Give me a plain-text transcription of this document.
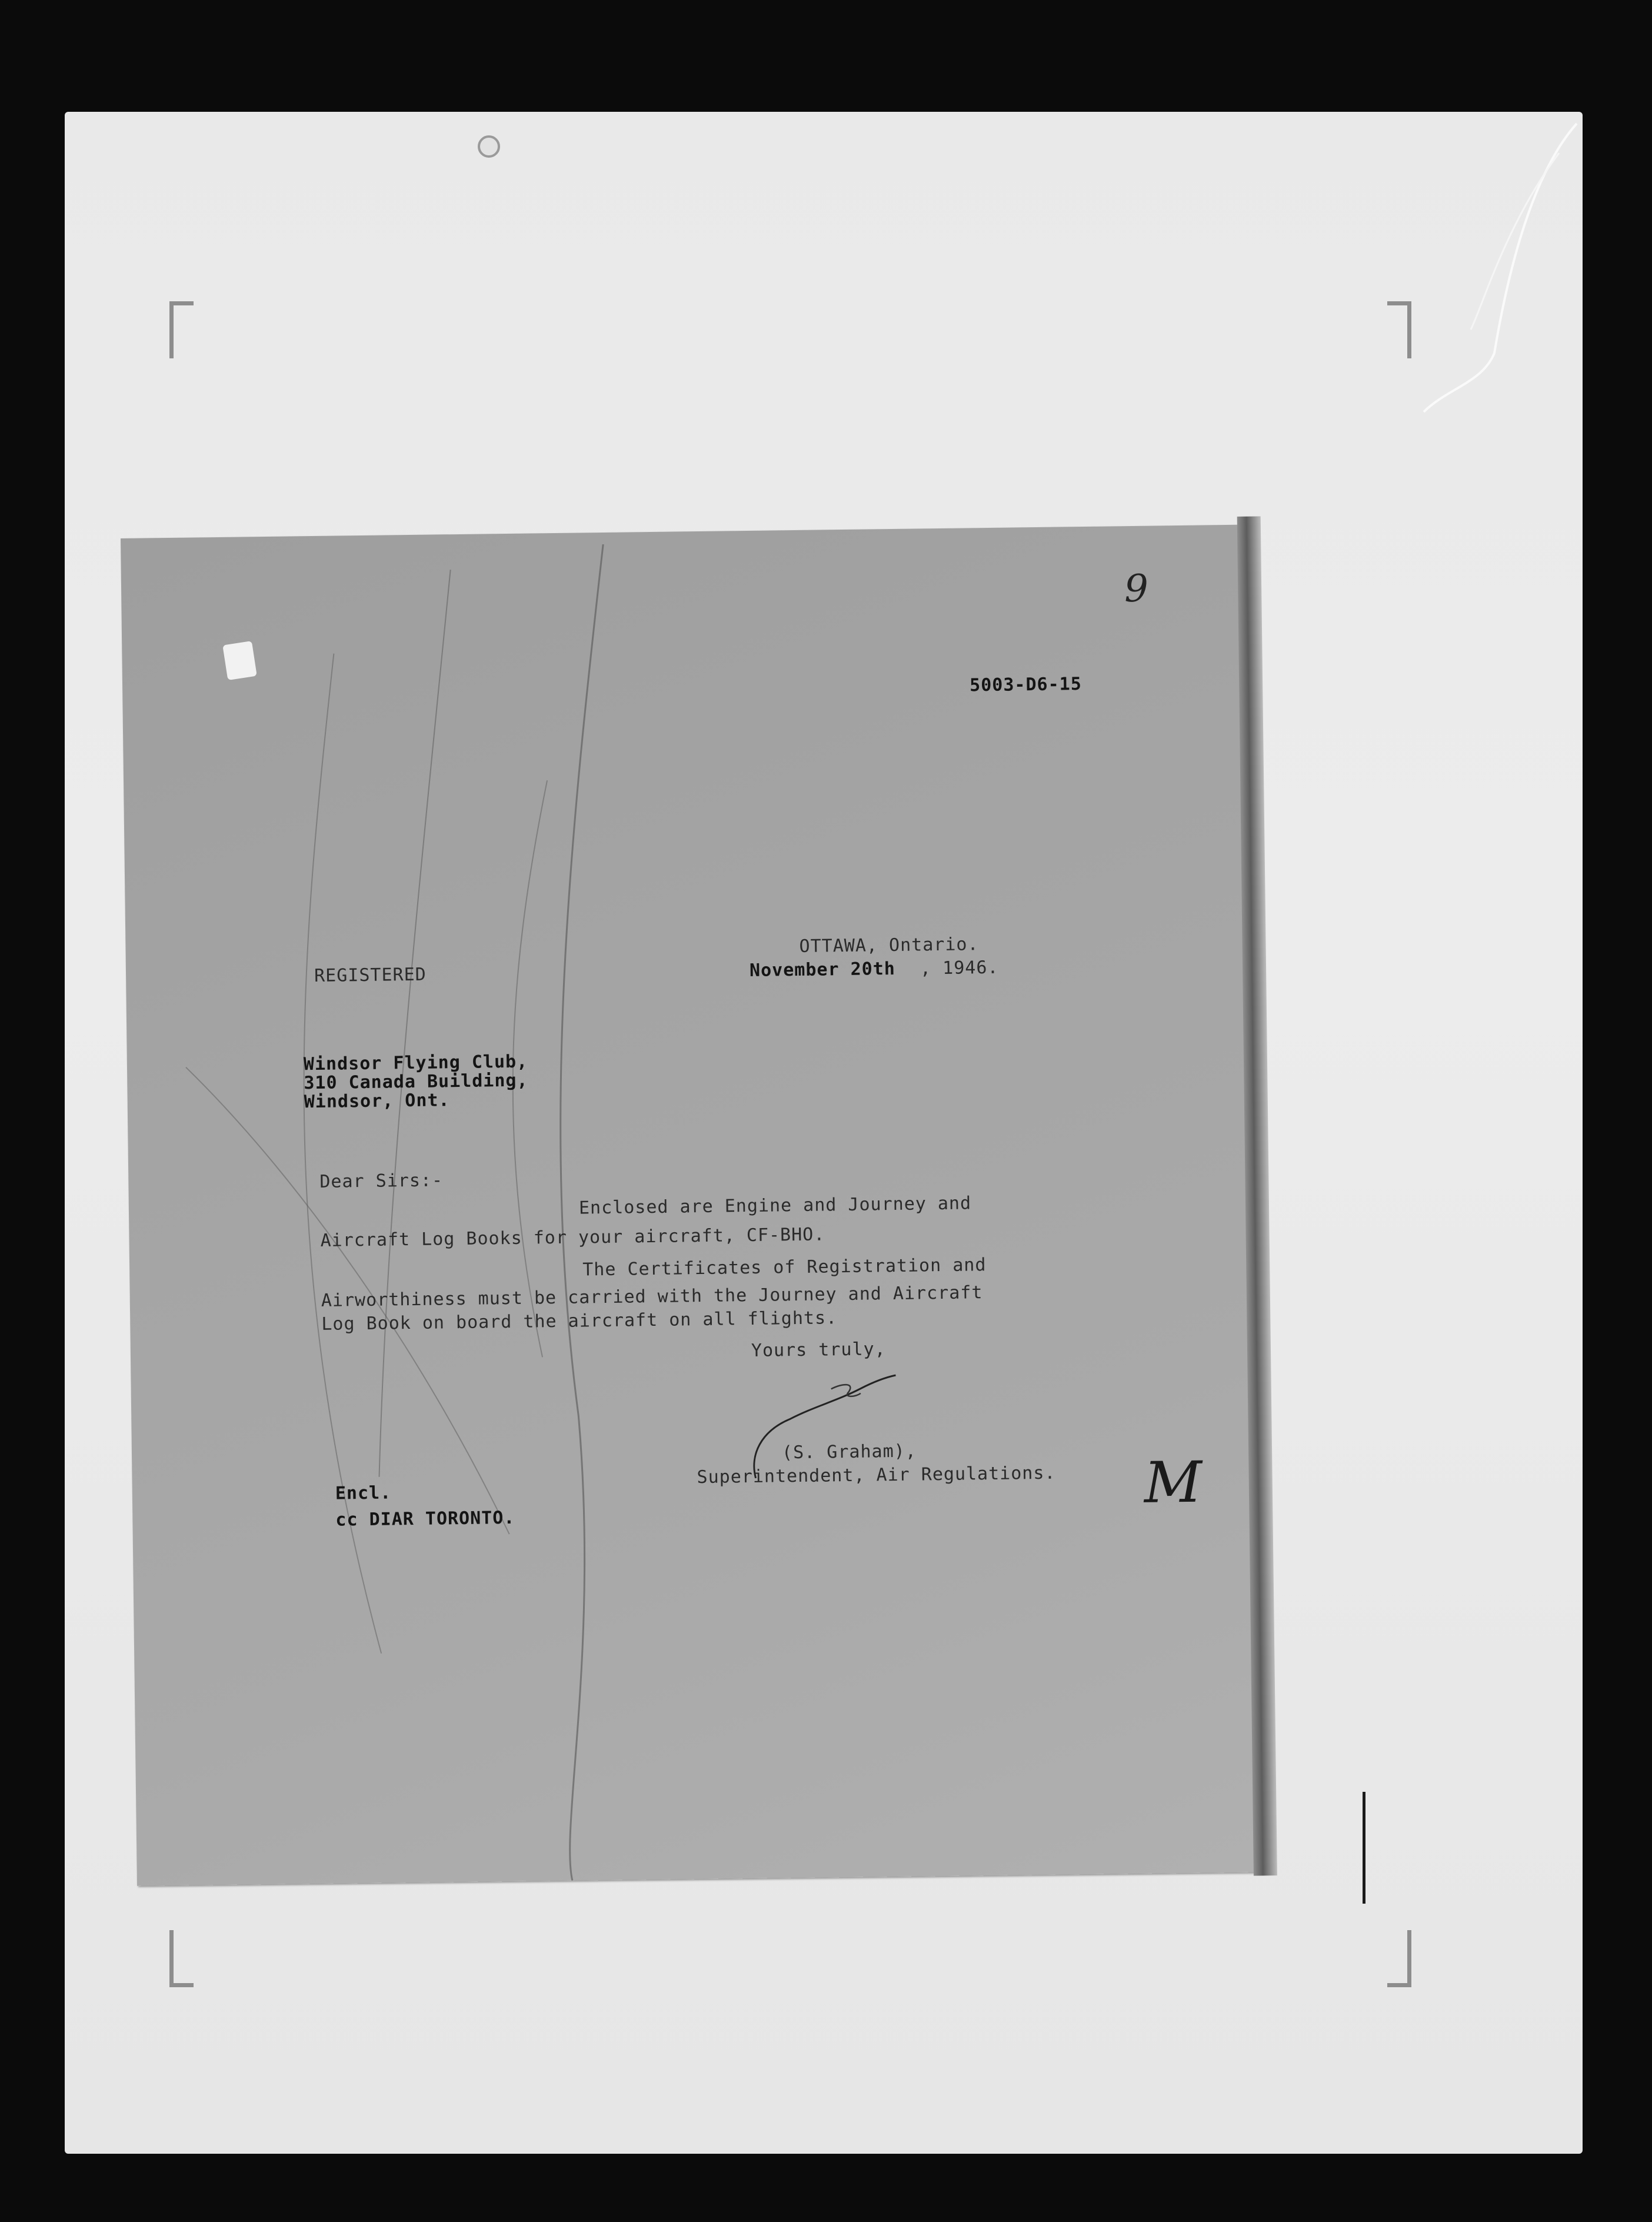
9
5003-D6-15
REGISTERED
OTTAWA, Ontario.
November 20th , 1946.
Windsor Flying Club,
310 Canada Building,
Windsor, Ont.
Dear Sirs:-
Enclosed are Engine and Journey and
Aircraft Log Books for your aircraft, CF-BHO.
The Certificates of Registration and
Airworthiness must be carried with the Journey and Aircraft
Log Book on board the aircraft on all flights.
Yours truly,
(S. Graham),
Superintendent, Air Regulations.
Encl.
cc DIAR TORONTO.
M
